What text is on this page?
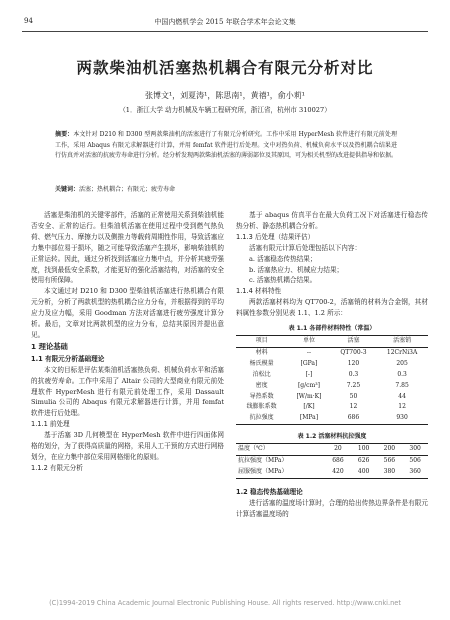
94	中国内燃机学会 2015 年联合学术年会论文集
两款柴油机活塞热机耦合有限元分析对比
张博文¹，刘夏涛¹，陈思南¹，黄禧¹，俞小莉¹
（1．浙江大学 动力机械及车辆工程研究所，浙江省，杭州市 310027）
摘要：本文针对 D210 和 D300 型两款柴油机的活塞进行了有限元分析研究。工作中采用 HyperMesh 软件进行有限元前处理工作，采用 Abaqus 有限元求解器进行计算，并用 femfat 软件进行后处理。文中对热负荷、机械负荷水平以及热机耦合结果进行仿真并对活塞的抗疲劳寿命进行分析。经分析发现两款柴油机活塞的薄弱部位及其原因，可为相关机型的改进提供指导和依据。
关键词：活塞；热机耦合；有限元；疲劳寿命

活塞是柴油机的关键零部件，活塞的正常使用关系到柴油机能否安全、正常的运行。但柴油机活塞在使用过程中受到燃气热负荷、燃气压力、摩擦力以及侧推力等载荷周期性作用，导致活塞应力集中部位易于损坏，随之可能导致活塞产生损坏，影响柴油机的正常运转。因此，通过分析找到活塞应力集中点，并分析其疲劳强度，找到最低安全系数，才能更好的强化活塞结构，对活塞的安全使用有所保障。

本文通过对 D210 和 D300 型柴油机活塞进行热机耦合有限元分析，分析了两款机型的热机耦合应力分布，并根据得到的平均应力及应力幅，采用 Goodman 方法对活塞进行疲劳强度计算分析。最后，文章对比两款机型的应力分布，总结其原因并提出意见。

1 理论基础

1.1 有限元分析基础理论

本文的目标是评估某柴油机活塞热负荷、机械负荷水平和活塞的抗疲劳寿命。工作中采用了 Altair 公司的大型商业有限元前处理软件 HyperMesh 进行有限元前处理工作，采用 Dassault Simulia 公司的 Abaqus 有限元求解器进行计算，并用 femfat 软件进行后处理。

1.1.1 前处理

基于活塞 3D 几何模型在 HyperMesh 软件中进行四面体网格的划分，为了获得高质量的网格，采用人工干预的方式进行网格划分，在应力集中部位采用网格细化的原则。

1.1.2 有限元分析

基于 abaqus 仿真平台在最大负荷工况下对活塞进行稳态传热分析、静态热机耦合分析。

1.1.3 后处理（结果评估）

活塞有限元计算后处理包括以下内容：

a. 活塞稳态传热结果；

b. 活塞热应力、机械应力结果；

c. 活塞热机耦合结果。

1.1.4 材料特性

两款活塞材料均为 QT700-2，活塞销的材料为合金钢，其材料属性参数分别见表 1.1、1.2 所示：

表 1.1 各部件材料特性（常温）
项目	单位	活塞	活塞销
材料	--	QT700-3	12CrNi3A
杨氏模量	[GPa]	120	205
泊松比	[-]	0.3	0.3
密度	[g/cm³]	7.25	7.85
导热系数	[W/m·K]	50	44
线膨胀系数	[/K]	12	12
抗拉强度	[MPa]	686	930
表 1.2 活塞材料抗拉强度
温度（℃）	20	100	200	300
抗拉强度（MPa）	686	626	566	506
屈服强度（MPa）	420	400	380	360

1.2 稳态传热基础理论

进行活塞的温度场计算时，合理的给出传热边界条件是有限元计算活塞温度场的

(C)1994-2019 China Academic Journal Electronic Publishing House. All rights reserved. http://www.cnki.net
